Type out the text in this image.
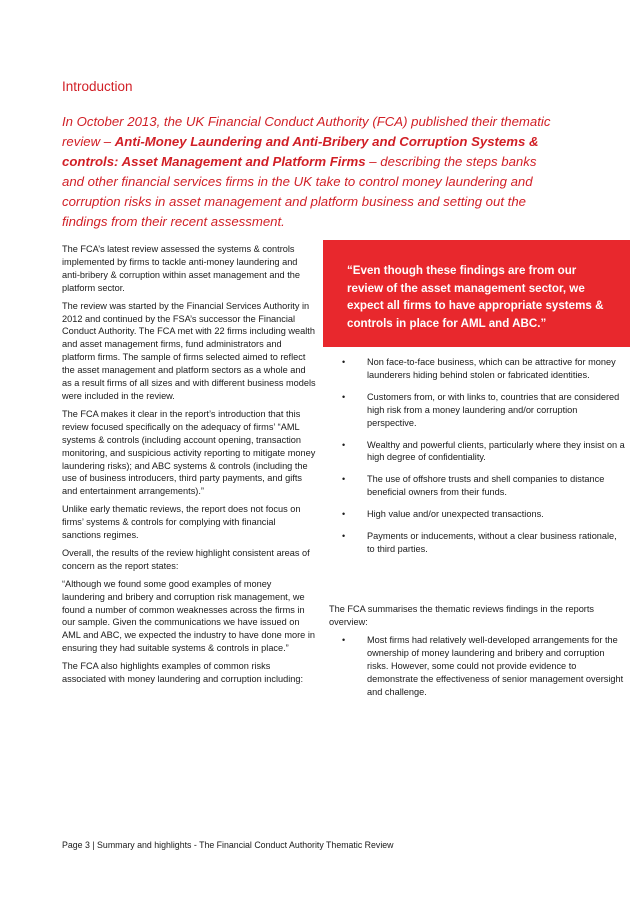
Introduction

In October 2013, the UK Financial Conduct Authority (FCA) published their thematic review – Anti-Money Laundering and Anti-Bribery and Corruption Systems & controls: Asset Management and Platform Firms – describing the steps banks and other financial services firms in the UK take to control money laundering and corruption risks in asset management and platform business and setting out the findings from their recent assessment.

The FCA’s latest review assessed the systems & controls implemented by firms to tackle anti-money laundering and anti-bribery & corruption within asset management and the platform sector.

The review was started by the Financial Services Authority in 2012 and continued by the FSA’s successor the Financial Conduct Authority. The FCA met with 22 firms including wealth and asset management firms, fund administrators and platform firms. The sample of firms selected aimed to reflect the asset management and platform sectors as a whole and as a result firms of all sizes and with different business models were included in the review.

The FCA makes it clear in the report’s introduction that this review focused specifically on the adequacy of firms’ “AML systems & controls (including account opening, transaction monitoring, and suspicious activity reporting to mitigate money laundering risks); and ABC systems & controls (including the use of business introducers, third party payments, and gifts and entertainment arrangements).”

Unlike early thematic reviews, the report does not focus on firms’ systems & controls for complying with financial sanctions regimes.

Overall, the results of the review highlight consistent areas of concern as the report states:

“Although we found some good examples of money laundering and bribery and corruption risk management, we found a number of common weaknesses across the firms in our sample. Given the communications we have issued on AML and ABC, we expected the industry to have done more in ensuring they had suitable systems & controls in place.”

The FCA also highlights examples of common risks associated with money laundering and corruption including:

“Even though these findings are from our review of the asset management sector, we expect all firms to have appropriate systems & controls in place for AML and ABC.”

• Non face-to-face business, which can be attractive for money launderers hiding behind stolen or fabricated identities.
• Customers from, or with links to, countries that are considered high risk from a money laundering and/or corruption perspective.
• Wealthy and powerful clients, particularly where they insist on a high degree of confidentiality.
• The use of offshore trusts and shell companies to distance beneficial owners from their funds.
• High value and/or unexpected transactions.
• Payments or inducements, without a clear business rationale, to third parties.

The FCA summarises the thematic reviews findings in the reports overview:

• Most firms had relatively well-developed arrangements for the ownership of money laundering and bribery and corruption risks. However, some could not provide evidence to demonstrate the effectiveness of senior management oversight and challenge.

Page 3 | Summary and highlights - The Financial Conduct Authority Thematic Review
